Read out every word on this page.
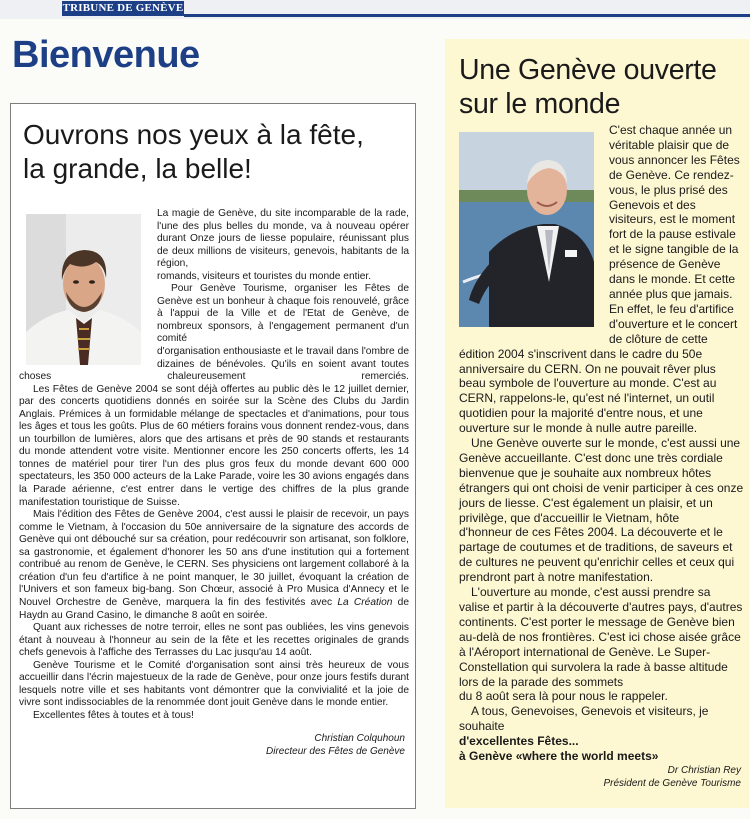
TRIBUNE DE GENÈVE
Bienvenue
Ouvrons nos yeux à la fête,
la grande, la belle!

La magie de Genève, du site incomparable de la rade, l'une des plus belles du monde, va à nouveau opérer durant Onze jours de liesse populaire, réunissant plus de deux millions de visiteurs, genevois, habitants de la région,

romands, visiteurs et touristes du monde entier.

Pour Genève Tourisme, organiser les Fêtes de Genève est un bonheur à chaque fois renouvelé, grâce à l'appui de la Ville et de l'Etat de Genève, de nombreux sponsors, à l'engagement permanent d'un comité

d'organisation enthousiaste et le travail dans l'ombre de dizaines de bénévoles. Qu'ils en soient avant toutes choses chaleureusement remerciés.

Les Fêtes de Genève 2004 se sont déjà offertes au public dès le 12 juillet dernier, par des concerts quotidiens donnés en soirée sur la Scène des Clubs du Jardin Anglais. Prémices à un formidable mélange de spectacles et d'animations, pour tous les âges et tous les goûts. Plus de 60 métiers forains vous donnent rendez-vous, dans un tourbillon de lumières, alors que des artisans et près de 90 stands et restaurants du monde attendent votre visite. Mentionner encore les 250 concerts offerts, les 14 tonnes de matériel pour tirer l'un des plus gros feux du monde devant 600 000 spectateurs, les 350 000 acteurs de la Lake Parade, voire les 30 avions engagés dans la Parade aérienne, c'est entrer dans le vertige des chiffres de la plus grande manifestation touristique de Suisse.

Mais l'édition des Fêtes de Genève 2004, c'est aussi le plaisir de recevoir, un pays comme le Vietnam, à l'occasion du 50e anniversaire de la signature des accords de Genève qui ont débouché sur sa création, pour redécouvrir son artisanat, son folklore, sa gastronomie, et également d'honorer les 50 ans d'une institution qui a fortement contribué au renom de Genève, le CERN. Ses physiciens ont largement collaboré à la création d'un feu d'artifice à ne point manquer, le 30 juillet, évoquant la création de l'Univers et son fameux big-bang. Son Chœur, associé à Pro Musica d'Annecy et le Nouvel Orchestre de Genève, marquera la fin des festivités avec La Création de Haydn au Grand Casino, le dimanche 8 août en soirée.

Quant aux richesses de notre terroir, elles ne sont pas oubliées, les vins genevois étant à nouveau à l'honneur au sein de la fête et les recettes originales de grands chefs genevois à l'affiche des Terrasses du Lac jusqu'au 14 août.

Genève Tourisme et le Comité d'organisation sont ainsi très heureux de vous accueillir dans l'écrin majestueux de la rade de Genève, pour onze jours festifs durant lesquels notre ville et ses habitants vont démontrer que la convivialité et la joie de vivre sont indissociables de la renommée dont jouit Genève dans le monde entier.

Excellentes fêtes à toutes et à tous!

Christian Colquhoun
Directeur des Fêtes de Genève
Une Genève ouverte
sur le monde

C'est chaque année un véritable plaisir que de vous annoncer les Fêtes de Genève. Ce rendez-vous, le plus prisé des Genevois et des visiteurs, est le moment fort de la pause estivale et le signe tangible de la présence de Genève dans le monde. Et cette année plus que jamais. En effet, le feu d'artifice d'ouverture et le concert de clôture de cette édition 2004 s'inscrivent dans le cadre du 50e anniversaire du CERN. On ne pouvait rêver plus beau symbole de l'ouverture au monde. C'est au CERN, rappelons-le, qu'est né l'internet, un outil quotidien pour la majorité d'entre nous, et une ouverture sur le monde à nulle autre pareille.

Une Genève ouverte sur le monde, c'est aussi une Genève accueillante. C'est donc une très cordiale bienvenue que je souhaite aux nombreux hôtes étrangers qui ont choisi de venir participer à ces onze jours de liesse. C'est également un plaisir, et un privilège, que d'accueillir le Vietnam, hôte

d'honneur de ces Fêtes 2004. La découverte et le partage de coutumes et de traditions, de saveurs et de cultures ne peuvent qu'enrichir celles et ceux qui prendront part à notre manifestation.

L'ouverture au monde, c'est aussi prendre sa valise et partir à la découverte d'autres pays, d'autres continents. C'est porter le message de Genève bien au-delà de nos frontières. C'est ici chose aisée grâce à l'Aéroport international de Genève. Le Super-Constellation qui survolera la rade à basse altitude lors de la parade des sommets

du 8 août sera là pour nous le rappeler.

A tous, Genevoises, Genevois et visiteurs, je souhaite

d'excellentes Fêtes...

à Genève «where the world meets»

Dr Christian Rey
Président de Genève Tourisme
